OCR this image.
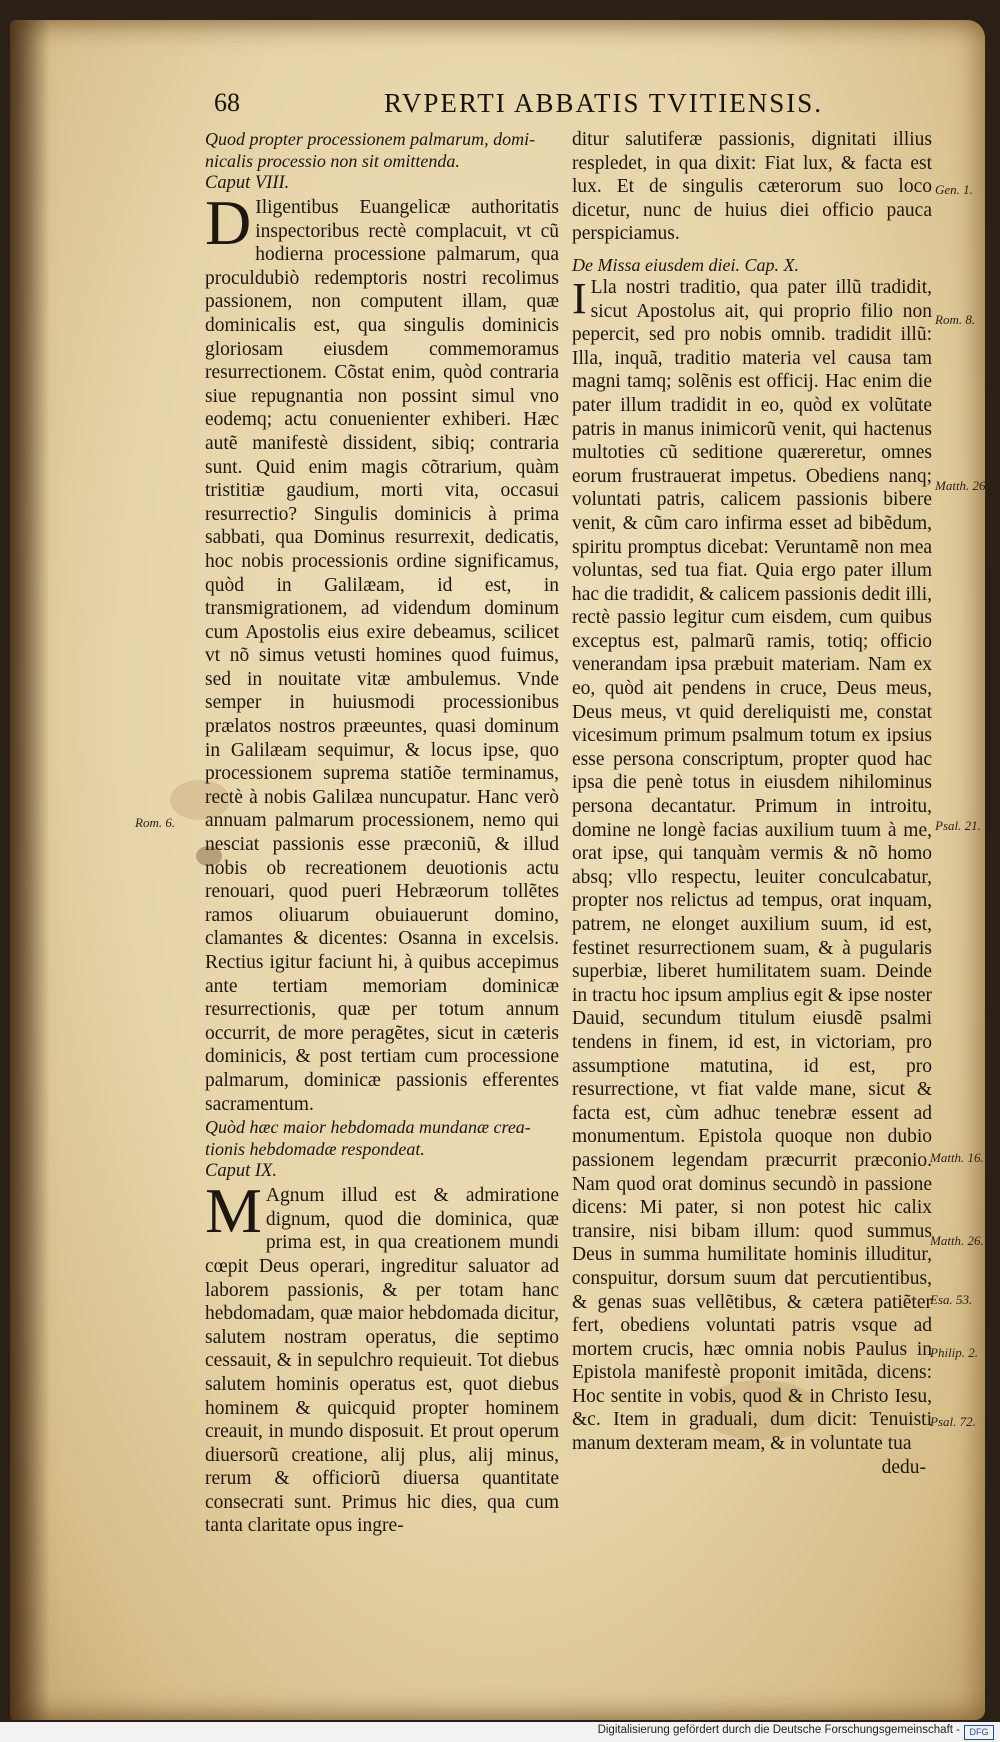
68	RVPERTI ABBATIS TVITIENSIS.

Quod propter processionem palmarum, domi-

nicalis processio non sit omittenda.

Caput VIII.

D Iligentibus Euangelicæ authoritatis inspectoribus rectè complacuit, vt cũ hodierna processione palmarum, qua proculdubiò redemptoris nostri recolimus passionem, non computent illam, quæ dominicalis est, qua singulis dominicis gloriosam eiusdem commemoramus resurrectionem. Cõstat enim, quòd contraria siue repugnantia non possint simul vno eodemq; actu conuenienter exhiberi. Hæc autẽ manifestè dissident, sibiq; contraria sunt. Quid enim magis cõtrarium, quàm tristitiæ gaudium, morti vita, occasui resurrectio? Singulis dominicis à prima sabbati, qua Dominus resurrexit, dedicatis, hoc nobis processionis ordine significamus, quòd in Galilæam, id est, in transmigrationem, ad videndum dominum cum Apostolis eius exire debeamus, scilicet vt nõ simus vetusti homines quod fuimus, sed in nouitate vitæ ambulemus. Vnde semper in huiusmodi processionibus prælatos nostros præeuntes, quasi dominum in Galilæam sequimur, & locus ipse, quo processionem suprema statiõe terminamus, rectè à nobis Galilæa nuncupatur. Hanc verò annuam palmarum processionem, nemo qui nesciat passionis esse præconiũ, & illud nobis ob recreationem deuotionis actu renouari, quod pueri Hebræorum tollẽtes ramos oliuarum obuiauerunt domino, clamantes & dicentes: Osanna in excelsis. Rectius igitur faciunt hi, à quibus accepimus ante tertiam memoriam dominicæ resurrectionis, quæ per totum annum occurrit, de more peragẽtes, sicut in cæteris dominicis, & post tertiam cum processione palmarum, dominicæ passionis efferentes sacramentum.

Quòd hæc maior hebdomada mundanæ crea-

tionis hebdomadæ respondeat.

Caput IX.

M Agnum illud est & admiratione dignum, quod die dominica, quæ prima est, in qua creationem mundi cœpit Deus operari, ingreditur saluator ad laborem passionis, & per totam hanc hebdomadam, quæ maior hebdomada dicitur, salutem nostram operatus, die septimo cessauit, & in sepulchro requieuit. Tot diebus salutem hominis operatus est, quot diebus hominem & quicquid propter hominem creauit, in mundo disposuit. Et prout operum diuersorũ creatione, alij plus, alij minus, rerum & officiorũ diuersa quantitate consecrati sunt. Primus hic dies, qua cum tanta claritate opus ingre-

ditur salutiferæ passionis, dignitati illius respledet, in qua dixit: Fiat lux, & facta est lux. Et de singulis cæterorum suo loco dicetur, nunc de huius diei officio pauca perspiciamus.

De Missa eiusdem diei. Cap. X.

I Lla nostri traditio, qua pater illũ tradidit, sicut Apostolus ait, qui proprio filio non pepercit, sed pro nobis omnib. tradidit illũ: Illa, inquã, traditio materia vel causa tam magni tamq; solẽnis est officij. Hac enim die pater illum tradidit in eo, quòd ex volũtate patris in manus inimicorũ venit, qui hactenus multoties cũ seditione quæreretur, omnes eorum frustrauerat impetus. Obediens nanq; voluntati patris, calicem passionis bibere venit, & cũm caro infirma esset ad bibẽdum, spiritu promptus dicebat: Veruntamẽ non mea voluntas, sed tua fiat. Quia ergo pater illum hac die tradidit, & calicem passionis dedit illi, rectè passio legitur cum eisdem, cum quibus exceptus est, palmarũ ramis, totiq; officio venerandam ipsa præbuit materiam. Nam ex eo, quòd ait pendens in cruce, Deus meus, Deus meus, vt quid dereliquisti me, constat vicesimum primum psalmum totum ex ipsius esse persona conscriptum, propter quod hac ipsa die penè totus in eiusdem nihilominus persona decantatur. Primum in introitu, domine ne longè facias auxilium tuum à me, orat ipse, qui tanquàm vermis & nõ homo absq; vllo respectu, leuiter conculcabatur, propter nos relictus ad tempus, orat inquam, patrem, ne elonget auxilium suum, id est, festinet resurrectionem suam, & à pugularis superbiæ, liberet humilitatem suam. Deinde in tractu hoc ipsum amplius egit & ipse noster Dauid, secundum titulum eiusdẽ psalmi tendens in finem, id est, in victoriam, pro assumptione matutina, id est, pro resurrectione, vt fiat valde mane, sicut & facta est, cùm adhuc tenebræ essent ad monumentum. Epistola quoque non dubio passionem legendam præcurrit præconio. Nam quod orat dominus secundò in passione dicens: Mi pater, si non potest hic calix transire, nisi bibam illum: quod summus Deus in summa humilitate hominis illuditur, conspuitur, dorsum suum dat percutientibus, & genas suas vellẽtibus, & cætera patiẽter fert, obediens voluntati patris vsque ad mortem crucis, hæc omnia nobis Paulus in Epistola manifestè proponit imitãda, dicens: Hoc sentite in vobis, quod & in Christo Iesu, &c. Item in graduali, dum dicit: Tenuisti manum dexteram meam, & in voluntate tua

dedu-

Rom. 6.
Gen. 1.
Rom. 8.
Matth. 26.
Psal. 21.
Matth. 16.
Matth. 26.
Esa. 53.
Philip. 2.
Psal. 72.
Digitalisierung gefördert durch die Deutsche Forschungsgemeinschaft -	DFG
